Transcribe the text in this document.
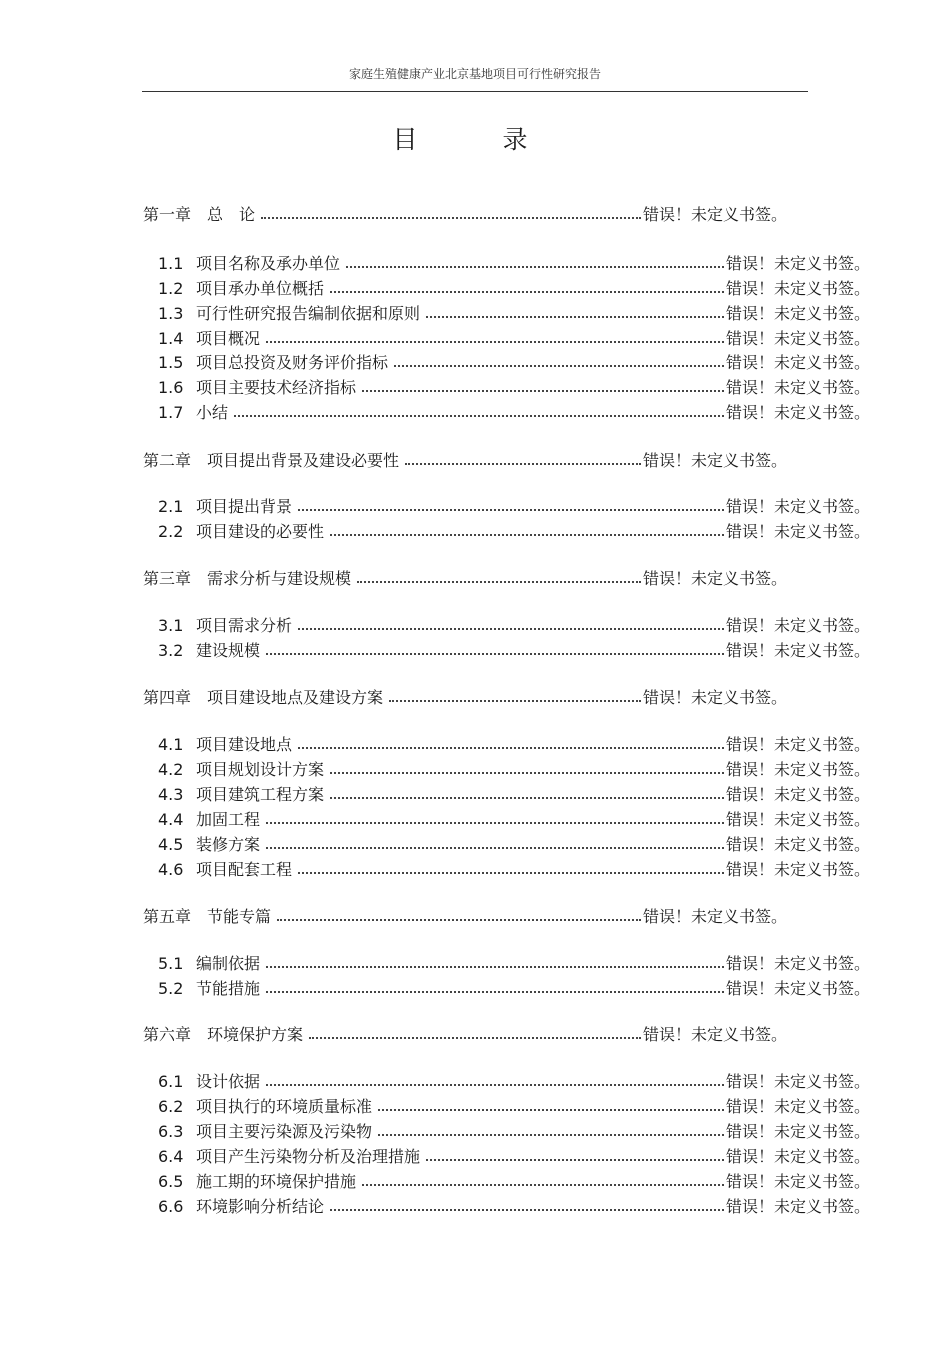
家庭生殖健康产业北京基地项目可行性研究报告
目　录
第一章 总　论	错误！未定义书签。
1.1 项目名称及承办单位	错误！未定义书签。
1.2 项目承办单位概括	错误！未定义书签。
1.3 可行性研究报告编制依据和原则	错误！未定义书签。
1.4 项目概况	错误！未定义书签。
1.5 项目总投资及财务评价指标	错误！未定义书签。
1.6 项目主要技术经济指标	错误！未定义书签。
1.7 小结	错误！未定义书签。
第二章 项目提出背景及建设必要性	错误！未定义书签。
2.1 项目提出背景	错误！未定义书签。
2.2 项目建设的必要性	错误！未定义书签。
第三章 需求分析与建设规模	错误！未定义书签。
3.1 项目需求分析	错误！未定义书签。
3.2 建设规模	错误！未定义书签。
第四章 项目建设地点及建设方案	错误！未定义书签。
4.1 项目建设地点	错误！未定义书签。
4.2 项目规划设计方案	错误！未定义书签。
4.3 项目建筑工程方案	错误！未定义书签。
4.4 加固工程	错误！未定义书签。
4.5 装修方案	错误！未定义书签。
4.6 项目配套工程	错误！未定义书签。
第五章 节能专篇	错误！未定义书签。
5.1 编制依据	错误！未定义书签。
5.2 节能措施	错误！未定义书签。
第六章 环境保护方案	错误！未定义书签。
6.1 设计依据	错误！未定义书签。
6.2 项目执行的环境质量标准	错误！未定义书签。
6.3 项目主要污染源及污染物	错误！未定义书签。
6.4 项目产生污染物分析及治理措施	错误！未定义书签。
6.5 施工期的环境保护措施	错误！未定义书签。
6.6 环境影响分析结论	错误！未定义书签。
